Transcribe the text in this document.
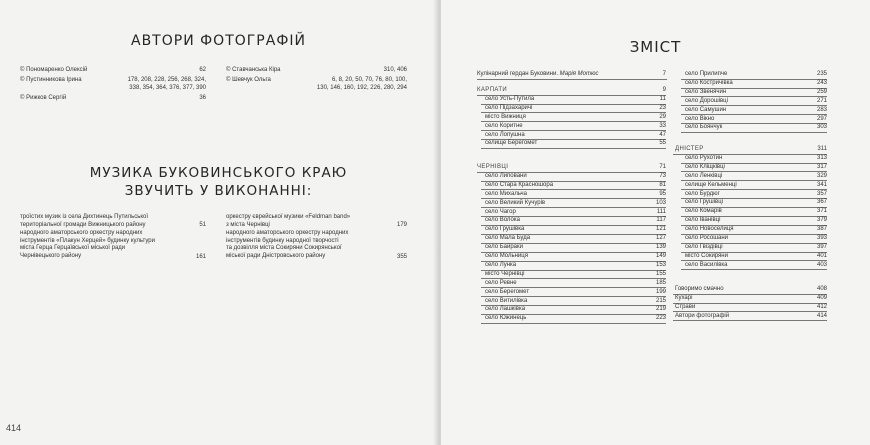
АВТОРИ ФОТОГРАФІЙ
© Пономаренко Олексій	62
© Пустинникова Ірина	178, 208, 228, 256, 268, 324,
338, 354, 364, 376, 377, 390
© Рижков Сергій	36
© Ставчанська Кіра	310, 406
© Шевчук Ольга	6, 8, 20, 50, 70, 76, 80, 100,
130, 146, 160, 192, 226, 280, 294
МУЗИКА БУКОВИНСЬКОГО КРАЮ
ЗВУЧИТЬ У ВИКОНАННІ:
троїстих музик із села Дихтинець Путильської
територіальної громади Вижницького району	51
народного аматорського оркестру народних
інструментів «Плакун Херцей» будинку культури
міста Герца Герцаївської міської ради
Чернівецького району	161
оркестру єврейської музики «Feldman band»
з міста Чернівці	179
народного аматорського оркестру народних
інструментів будинку народної творчості
та дозвілля міста Сокиряни Сокирянської
міської ради Дністровського району	355
414
ЗМІСТ
Кулінарний гердан Буковини. Марія Мотюс	7
КАРПАТИ	9
село Усть-Путила	11
село Підзахаричі	23
місто Вижниця	29
село Коритне	33
село Лопушна	47
селище Берегомет	55
ЧЕРНІВЦІ	71
село Липовани	73
село Стара Красношора	81
село Михальча	95
село Великий Кучурів	103
село Чагор	111
село Волока	117
село Грушівка	121
село Мала Буда	127
село Байраки	139
село Мольниця	149
село Лунка	153
місто Чернівці	155
село Ревне	185
село Берегомет	199
село Витилівка	215
село Лашківка	219
село Южинець	223
село Прилипче	235
село Костричівка	243
село Звенячин	259
село Дорошівці	271
село Самушин	283
село Вікно	297
село Боянчук	303
ДНІСТЕР	311
село Рухотин	313
село Кліщківці	317
село Ленківці	329
селище Кельменці	341
село Бурдюг	357
село Грушівці	367
село Комарів	371
село Іванівці	379
село Новоселиця	387
село Росошани	393
село Гвіздівці	397
місто Сокиряни	401
село Василівка	403
Говоримо смачно	408
Кухарі	409
Страви	412
Автори фотографій	414
